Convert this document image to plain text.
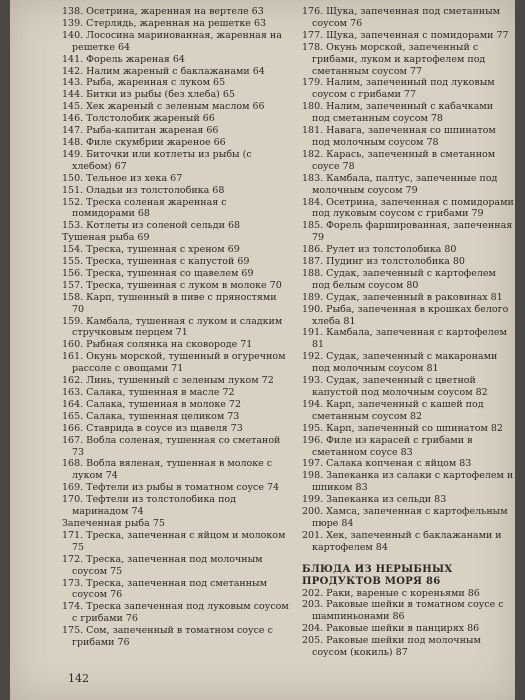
138. Осетрина, жаренная на вертеле 63
139. Стерлядь, жаренная на решетке 63
140. Лососина маринованная, жаренная на решетке 64
141. Форель жареная 64
142. Налим жареный с баклажанами 64
143. Рыба, жаренная с луком 65
144. Битки из рыбы (без хлеба) 65
145. Хек жареный с зеленым маслом 66
146. Толстолобик жареный 66
147. Рыба-капитан жареная 66
148. Филе скумбрии жареное 66
149. Биточки или котлеты из рыбы (с хлебом) 67
150. Тельное из хека 67
151. Оладьи из толстолобика 68
152. Треска соленая жаренная с помидорами 68
153. Котлеты из соленой сельди 68
Тушеная рыба 69
154. Треска, тушенная с хреном 69
155. Треска, тушенная с капустой 69
156. Треска, тушенная со щавелем 69
157. Треска, тушенная с луком в молоке 70
158. Карп, тушенный в пиве с пряностями 70
159. Камбала, тушенная с луком и сладким стручковым перцем 71
160. Рыбная солянка на сковороде 71
161. Окунь морской, тушенный в огуречном рассоле с овощами 71
162. Линь, тушенный с зеленым луком 72
163. Салака, тушенная в масле 72
164. Салака, тушенная в молоке 72
165. Салака, тушенная целиком 73
166. Ставрида в соусе из щавеля 73
167. Вобла соленая, тушенная со сметаной 73
168. Вобла вяленая, тушенная в молоке с луком 74
169. Тефтели из рыбы в томатном соусе 74
170. Тефтели из толстолобика под маринадом 74
Запеченная рыба 75
171. Треска, запеченная с яйцом и молоком 75
172. Треска, запеченная под молочным соусом 75
173. Треска, запеченная под сметанным соусом 76
174. Треска запеченная под луковым соусом с грибами 76
175. Сом, запеченный в томатном соусе с грибами 76
176. Щука, запеченная под сметанным соусом 76
177. Щука, запеченная с помидорами 77
178. Окунь морской, запеченный с грибами, луком и картофелем под сметанным соусом 77
179. Налим, запеченный под луковым соусом с грибами 77
180. Налим, запеченный с кабачками под сметанным соусом 78
181. Навага, запеченная со шпинатом под молочным соусом 78
182. Карась, запеченный в сметанном соусе 78
183. Камбала, палтус, запеченные под молочным соусом 79
184. Осетрина, запеченная с помидорами под луковым соусом с грибами 79
185. Форель фаршированная, запеченная 79
186. Рулет из толстолобика 80
187. Пудинг из толстолобика 80
188. Судак, запеченный с картофелем под белым соусом 80
189. Судак, запеченный в раковинах 81
190. Рыба, запеченная в крошках белого хлеба 81
191. Камбала, запеченная с картофелем 81
192. Судак, запеченный с макаронами под молочным соусом 81
193. Судак, запеченный с цветной капустой под молочным соусом 82
194. Карп, запеченный с кашей под сметанным соусом 82
195. Карп, запеченный со шпинатом 82
196. Филе из карасей с грибами в сметанном соусе 83
197. Салака копченая с яйцом 83
198. Запеканка из салаки с картофелем и шпиком 83
199. Запеканка из сельди 83
200. Хамса, запеченная с картофельным пюре 84
201. Хек, запеченный с баклажанами и картофелем 84
БЛЮДА ИЗ НЕРЫБНЫХ ПРОДУКТОВ МОРЯ 86
202. Раки, вареные с кореньями 86
203. Раковые шейки в томатном соусе с шампиньонами 86
204. Раковые шейки в панцирях 86
205. Раковые шейки под молочным соусом (кокиль) 87
142
